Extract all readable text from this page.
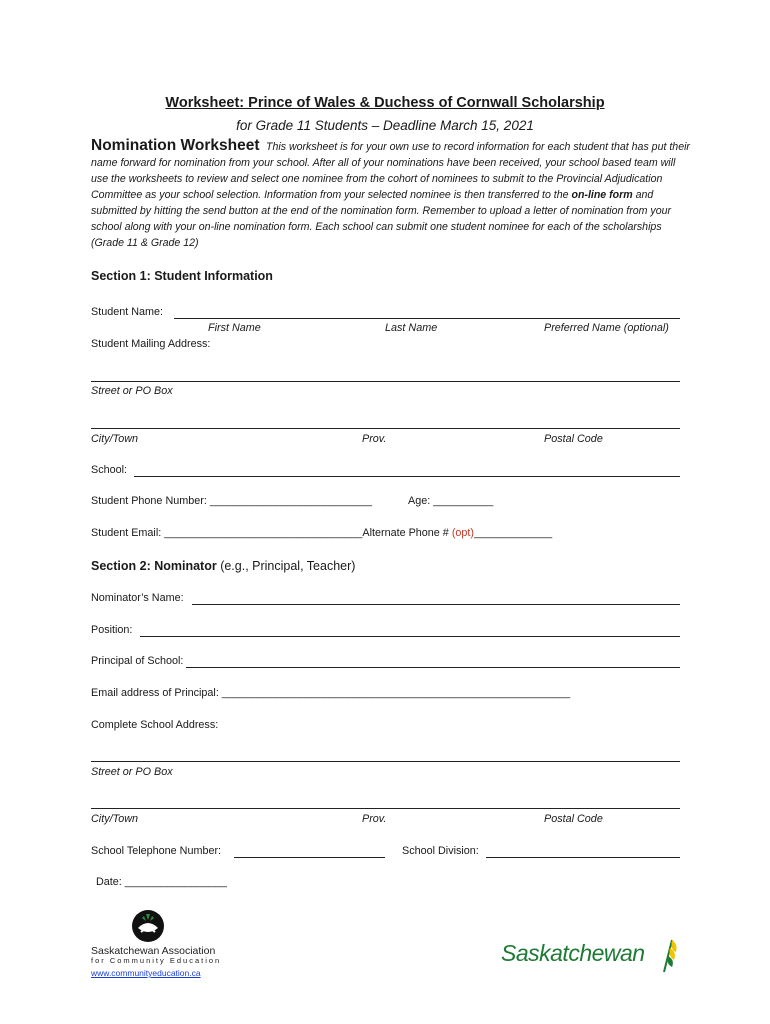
Worksheet: Prince of Wales & Duchess of Cornwall Scholarship
for Grade 11 Students – Deadline March 15, 2021
Nomination Worksheet This worksheet is for your own use to record information for each student that has put their name forward for nomination from your school. After all of your nominations have been received, your school based team will use the worksheets to review and select one nominee from the cohort of nominees to submit to the Provincial Adjudication Committee as your school selection. Information from your selected nominee is then transferred to the on-line form and submitted by hitting the send button at the end of the nomination form. Remember to upload a letter of nomination from your school along with your on-line nomination form. Each school can submit one student nominee for each of the scholarships (Grade 11 & Grade 12)
Section 1: Student Information
Student Name:
First Name	Last Name	Preferred Name (optional)
Student Mailing Address:
Street or PO Box
City/Town	Prov.	Postal Code
School:
Student Phone Number: ___________________________	Age: __________
Student Email: _________________________________Alternate Phone # (opt)_____________
Section 2: Nominator (e.g., Principal, Teacher)
Nominator’s Name:
Position:
Principal of School:
Email address of Principal: __________________________________________________________
Complete School Address:
Street or PO Box
City/Town	Prov.	Postal Code
School Telephone Number:	School Division:
Date: _________________
Saskatchewan Association
for Community Education
www.communityeducation.ca
Saskatchewan
